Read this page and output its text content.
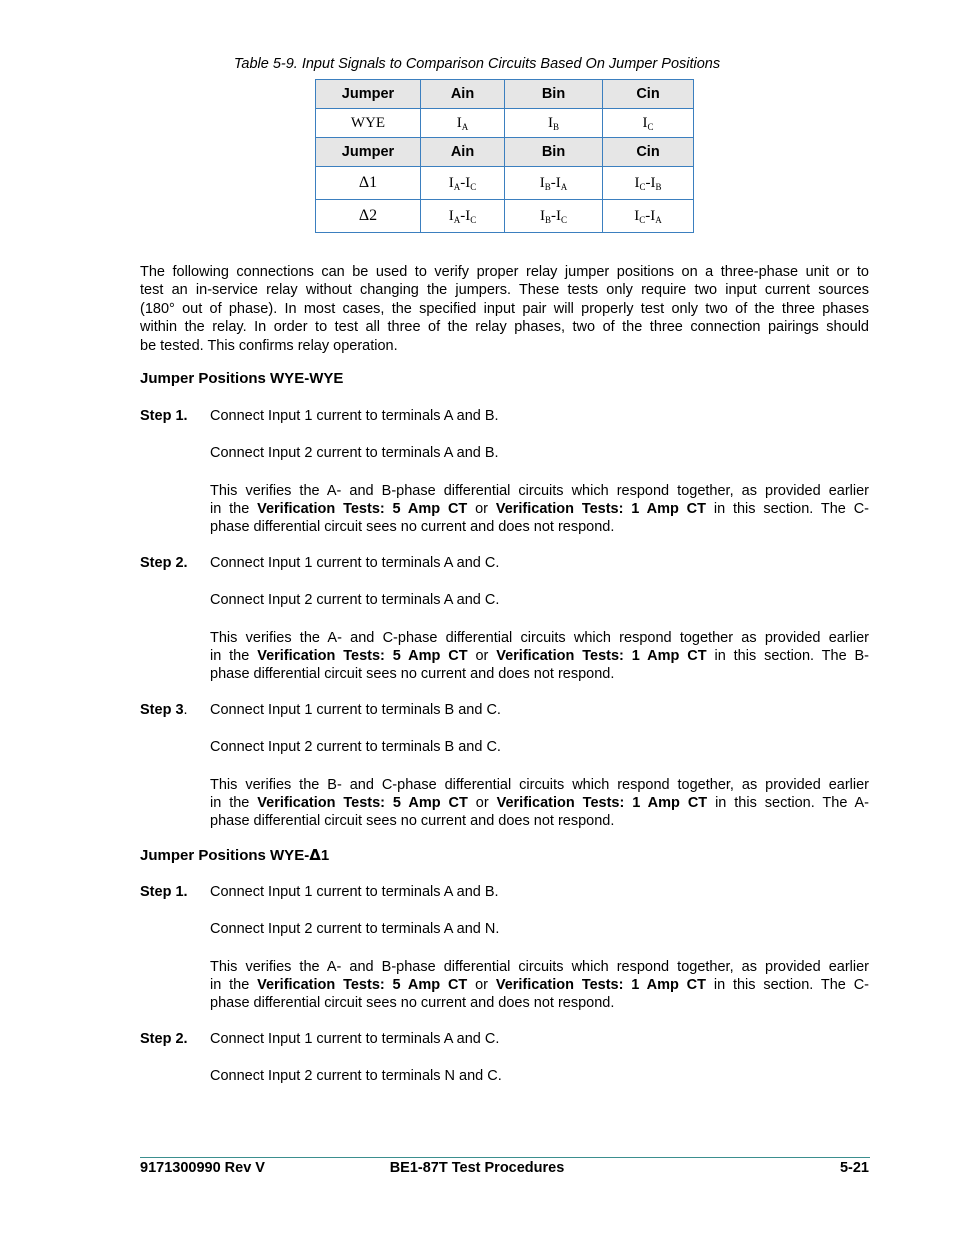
Table 5-9. Input Signals to Comparison Circuits Based On Jumper Positions
Jumper	Ain	Bin	Cin
WYE	$I_A$	$I_B$	$I_C$
Jumper	Ain	Bin	Cin
Δ1	$I_A-I_C$	$I_B-I_A$	$I_C-I_B$
Δ2	$I_A-I_C$	$I_B-I_C$	$I_C-I_A$
The following connections can be used to verify proper relay jumper positions on a three-phase unit or to
test an in-service relay without changing the jumpers. These tests only require two input current sources
(180° out of phase). In most cases, the specified input pair will properly test only two of the three phases
within the relay. In order to test all three of the relay phases, two of the three connection pairings should
be tested. This confirms relay operation.
Jumper Positions WYE-WYE
Step 1. Connect Input 1 current to terminals A and B.
Connect Input 2 current to terminals A and B.
This verifies the A- and B-phase differential circuits which respond together, as provided earlier
in the Verification Tests: 5 Amp CT or Verification Tests: 1 Amp CT in this section. The C-
phase differential circuit sees no current and does not respond.
Step 2. Connect Input 1 current to terminals A and C.
Connect Input 2 current to terminals A and C.
This verifies the A- and C-phase differential circuits which respond together as provided earlier
in the Verification Tests: 5 Amp CT or Verification Tests: 1 Amp CT in this section. The B-
phase differential circuit sees no current and does not respond.
Step 3. Connect Input 1 current to terminals B and C.
Connect Input 2 current to terminals B and C.
This verifies the B- and C-phase differential circuits which respond together, as provided earlier
in the Verification Tests: 5 Amp CT or Verification Tests: 1 Amp CT in this section. The A-
phase differential circuit sees no current and does not respond.
Jumper Positions WYE-Δ1
Step 1. Connect Input 1 current to terminals A and B.
Connect Input 2 current to terminals A and N.
This verifies the A- and B-phase differential circuits which respond together, as provided earlier
in the Verification Tests: 5 Amp CT or Verification Tests: 1 Amp CT in this section. The C-
phase differential circuit sees no current and does not respond.
Step 2. Connect Input 1 current to terminals A and C.
Connect Input 2 current to terminals N and C.
9171300990 Rev V	BE1-87T Test Procedures	5-21
